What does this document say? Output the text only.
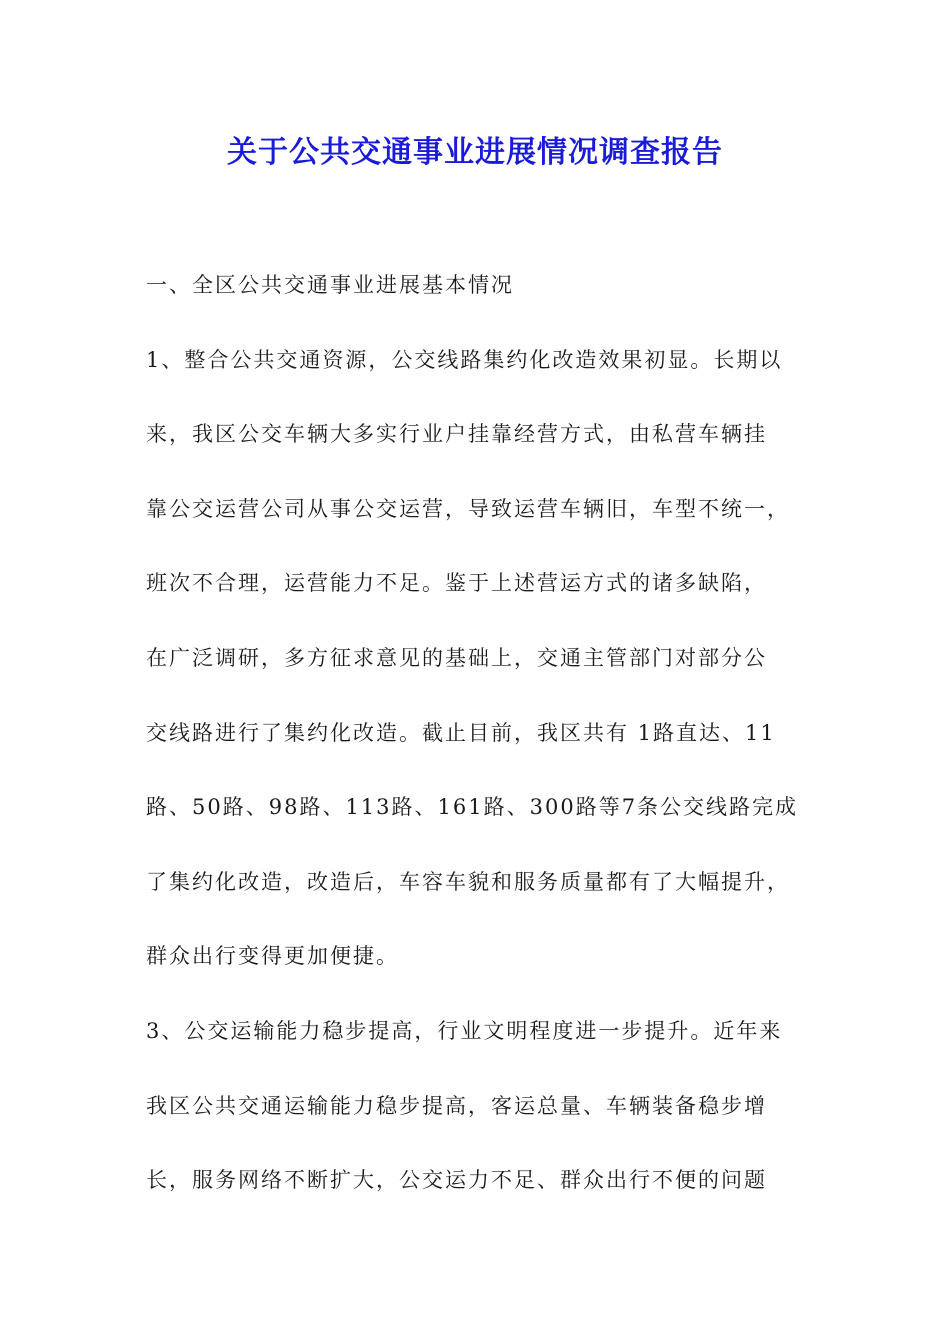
关于公共交通事业进展情况调查报告
一、全区公共交通事业进展基本情况
1、整合公共交通资源，公交线路集约化改造效果初显。长期以
来，我区公交车辆大多实行业户挂靠经营方式，由私营车辆挂
靠公交运营公司从事公交运营，导致运营车辆旧，车型不统一，
班次不合理，运营能力不足。鉴于上述营运方式的诸多缺陷，
在广泛调研，多方征求意见的基础上，交通主管部门对部分公
交线路进行了集约化改造。截止目前，我区共有 1路直达、11
路、50路、98路、113路、161路、300路等7条公交线路完成
了集约化改造，改造后，车容车貌和服务质量都有了大幅提升，
群众出行变得更加便捷。
3、公交运输能力稳步提高，行业文明程度进一步提升。近年来
我区公共交通运输能力稳步提高，客运总量、车辆装备稳步增
长，服务网络不断扩大，公交运力不足、群众出行不便的问题
